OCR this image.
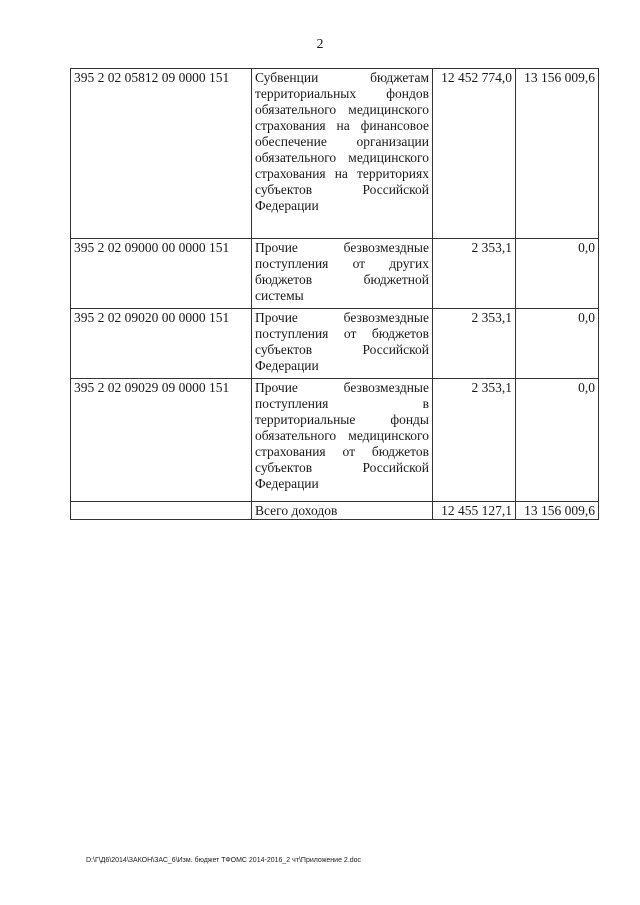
2
395 2 02 05812 09 0000 151	Субвенции бюджетам территориальных фондов обязательного медицинского страхования на финансовое обеспечение организации обязательного медицинского страхования на территориях субъектов Российской Федерации	12 452 774,0	13 156 009,6
395 2 02 09000 00 0000 151	Прочие безвозмездные поступления от других бюджетов бюджетной системы	2 353,1	0,0
395 2 02 09020 00 0000 151	Прочие безвозмездные поступления от бюджетов субъектов Российской Федерации	2 353,1	0,0
395 2 02 09029 09 0000 151	Прочие безвозмездные поступления в территориальные фонды обязательного медицинского страхования от бюджетов субъектов Российской Федерации	2 353,1	0,0
	Всего доходов	12 455 127,1	13 156 009,6
D:\Г\Д6\2014\ЗАКОН\ЗАС_6\Изм. бюджет ТФОМС 2014-2016_2 чт\Приложение 2.doc
